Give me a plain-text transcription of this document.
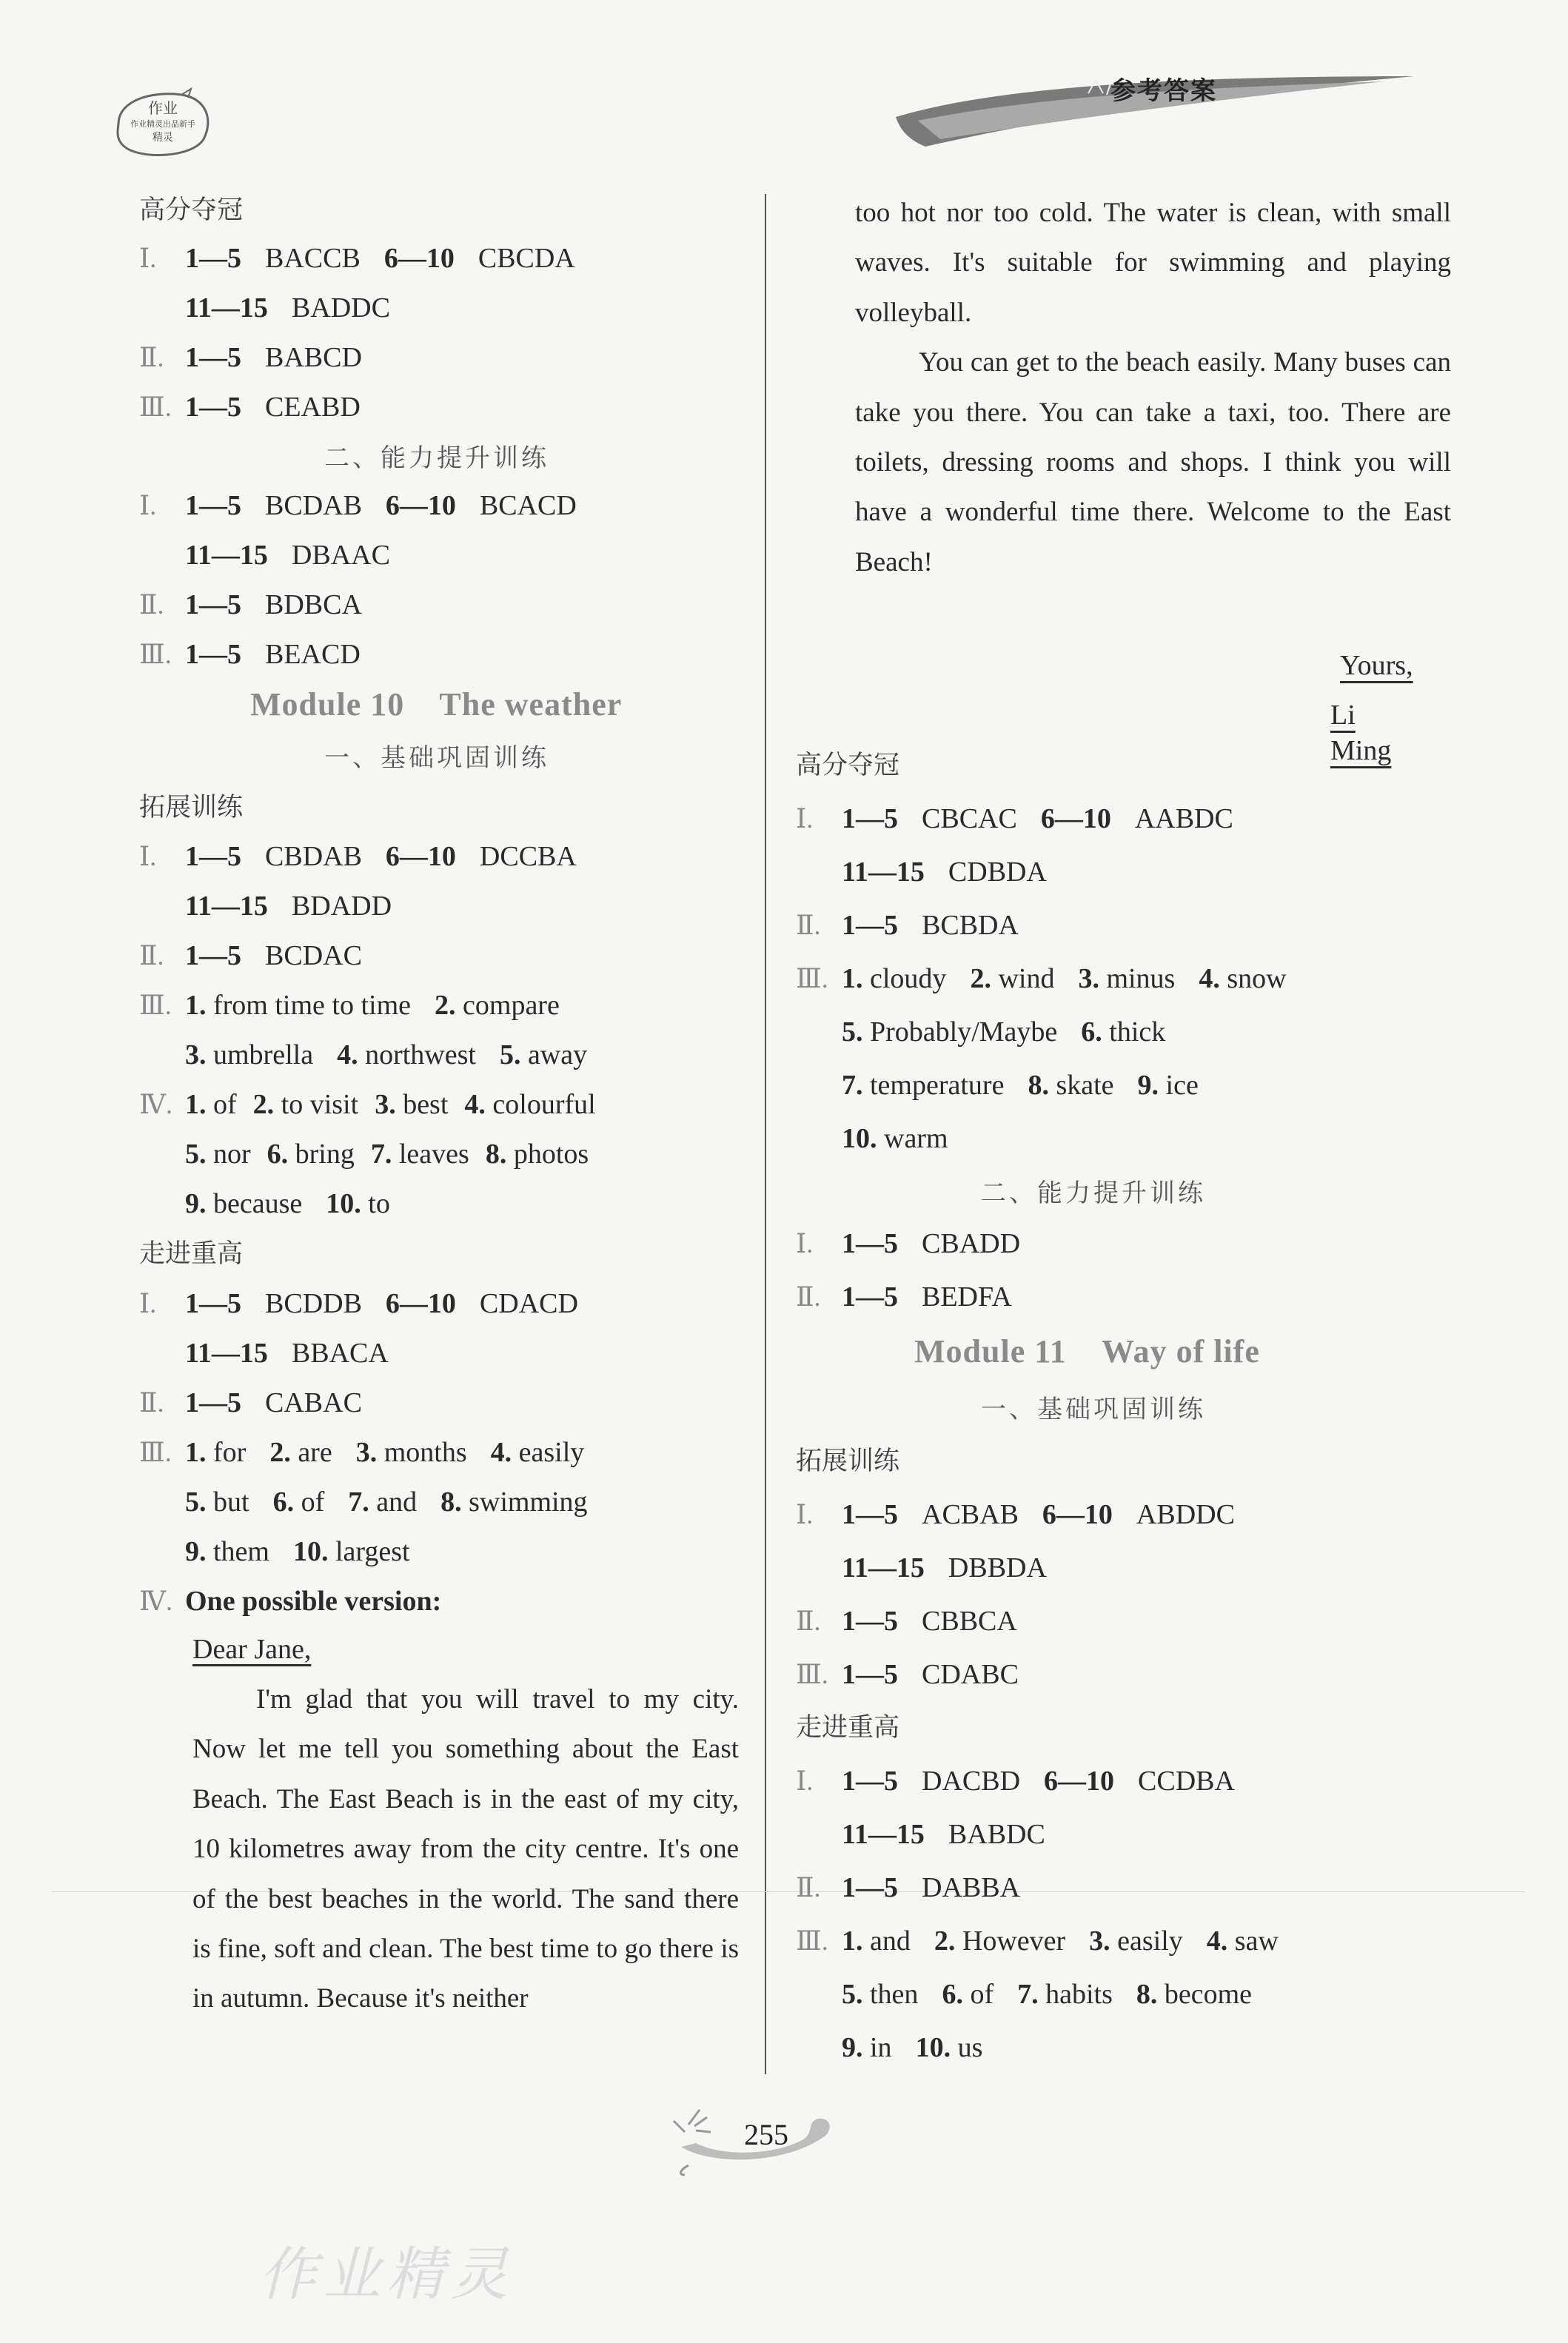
作业
作业精灵出品新手
精灵
参考答案
高分夺冠
Ⅰ. 1—5 BACCB 6—10 CBCDA
11—15 BADDC
Ⅱ. 1—5 BABCD
Ⅲ. 1—5 CEABD
二、能力提升训练
Ⅰ. 1—5 BCDAB 6—10 BCACD
11—15 DBAAC
Ⅱ. 1—5 BDBCA
Ⅲ. 1—5 BEACD
Module 10    The weather
一、基础巩固训练
拓展训练
Ⅰ. 1—5 CBDAB 6—10 DCCBA
11—15 BDADD
Ⅱ. 1—5 BCDAC
Ⅲ. 1. from time to time 2. compare
3. umbrella 4. northwest 5. away
Ⅳ. 1. of 2. to visit 3. best 4. colourful
5. nor 6. bring 7. leaves 8. photos
9. because 10. to
走进重高
Ⅰ. 1—5 BCDDB 6—10 CDACD
11—15 BBACA
Ⅱ. 1—5 CABAC
Ⅲ. 1. for 2. are 3. months 4. easily
5. but 6. of 7. and 8. swimming
9. them 10. largest
Ⅳ. One possible version:
Dear Jane,

I'm glad that you will travel to my city. Now let me tell you something about the East Beach. The East Beach is in the east of my city, 10 kilometres away from the city centre. It's one of the best beaches in the world. The sand there is fine, soft and clean. The best time to go there is in autumn. Because it's neither

too hot nor too cold. The water is clean, with small waves. It's suitable for swimming and playing volleyball.

You can get to the beach easily. Many buses can take you there. You can take a taxi, too. There are toilets, dressing rooms and shops. I think you will have a wonderful time there. Welcome to the East Beach!

Yours,
Li Ming
高分夺冠
Ⅰ. 1—5 CBCAC 6—10 AABDC
11—15 CDBDA
Ⅱ. 1—5 BCBDA
Ⅲ. 1. cloudy 2. wind 3. minus 4. snow
5. Probably/Maybe 6. thick
7. temperature 8. skate 9. ice
10. warm
二、能力提升训练
Ⅰ. 1—5 CBADD
Ⅱ. 1—5 BEDFA
Module 11    Way of life
一、基础巩固训练
拓展训练
Ⅰ. 1—5 ACBAB 6—10 ABDDC
11—15 DBBDA
Ⅱ. 1—5 CBBCA
Ⅲ. 1—5 CDABC
走进重高
Ⅰ. 1—5 DACBD 6—10 CCDBA
11—15 BABDC
Ⅱ. 1—5 DABBA
Ⅲ. 1. and 2. However 3. easily 4. saw
5. then 6. of 7. habits 8. become
9. in 10. us
255
作业精灵
